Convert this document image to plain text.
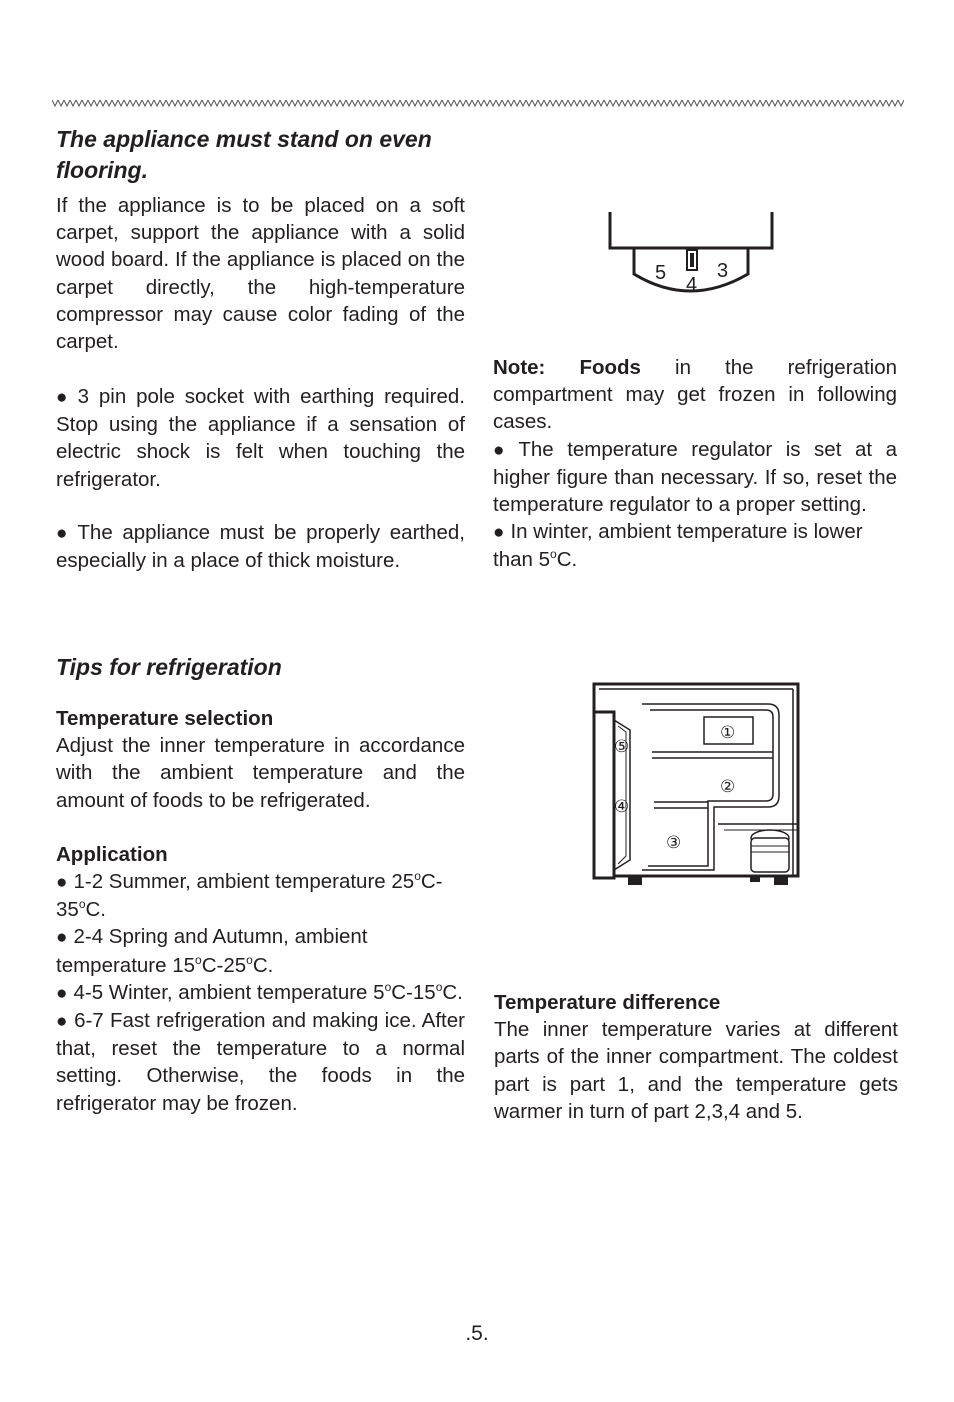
The appliance must stand on even flooring.

If the appliance is to be placed on a soft carpet, support the appliance with a solid wood board. If the appliance is placed on the carpet directly, the high-temperature compressor may cause color fading of the carpet.

● 3 pin pole socket with earthing required. Stop using the appliance if a sensation of electric shock is felt when touching the refrigerator.

● The appliance must be properly earthed, especially in a place of thick moisture.

5
4
3

Note: Foods in the refrigeration compartment may get frozen in following cases.

● The temperature regulator is set at a higher figure than necessary. If so, reset the temperature regulator to a proper setting.

● In winter, ambient temperature is lower than 5$^o$C.

Tips for refrigeration

Temperature selection

Adjust the inner temperature in accordance with the ambient temperature and the amount of foods to be refrigerated.

Application

● 1-2 Summer, ambient temperature 25$^o$C-35$^o$C.

● 2-4 Spring and Autumn, ambient temperature 15$^o$C-25$^o$C.

● 4-5 Winter, ambient temperature 5$^o$C-15$^o$C.

● 6-7 Fast refrigeration and making ice. After that, reset the temperature to a normal setting. Otherwise, the foods in the refrigerator may be frozen.

①
②
③
④
⑤

Temperature difference

The inner temperature varies at different parts of the inner compartment. The coldest part is part 1, and the temperature gets warmer in turn of part 2,3,4 and 5.

.5.
